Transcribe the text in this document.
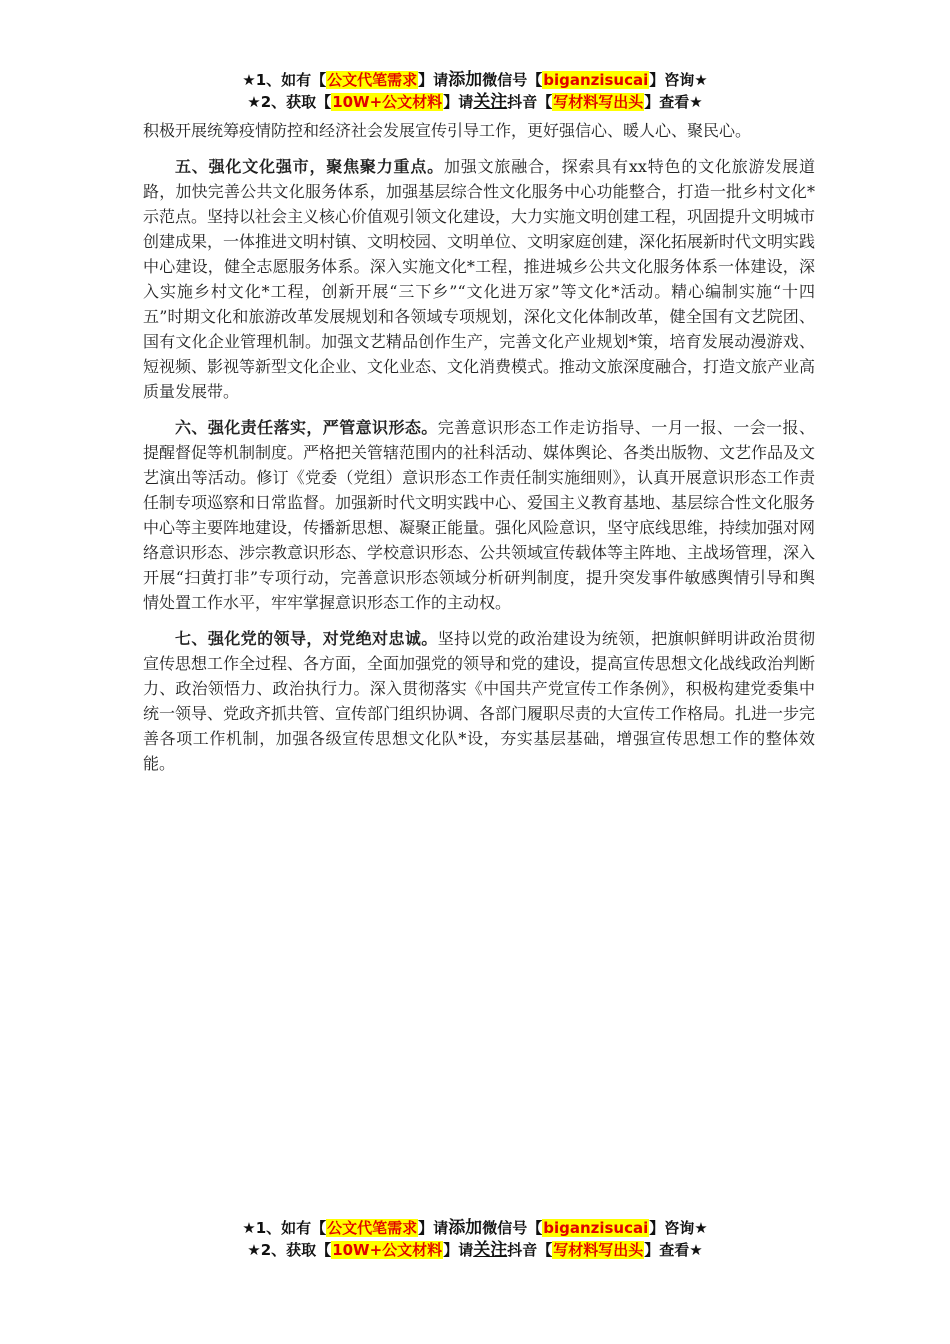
★1、如有【公文代笔需求】请添加微信号【biganzisucai】咨询★
★2、获取【10W+公文材料】请关注抖音【写材料写出头】查看★

积极开展统筹疫情防控和经济社会发展宣传引导工作，更好强信心、暖人心、聚民心。

五、强化文化强市，聚焦聚力重点。加强文旅融合，探索具有xx特色的文化旅游发展道路，加快完善公共文化服务体系，加强基层综合性文化服务中心功能整合，打造一批乡村文化*示范点。坚持以社会主义核心价值观引领文化建设，大力实施文明创建工程，巩固提升文明城市创建成果，一体推进文明村镇、文明校园、文明单位、文明家庭创建，深化拓展新时代文明实践中心建设，健全志愿服务体系。深入实施文化*工程，推进城乡公共文化服务体系一体建设，深入实施乡村文化*工程，创新开展“三下乡”“文化进万家”等文化*活动。精心编制实施“十四五”时期文化和旅游改革发展规划和各领域专项规划，深化文化体制改革，健全国有文艺院团、国有文化企业管理机制。加强文艺精品创作生产，完善文化产业规划*策，培育发展动漫游戏、短视频、影视等新型文化企业、文化业态、文化消费模式。推动文旅深度融合，打造文旅产业高质量发展带。

六、强化责任落实，严管意识形态。完善意识形态工作走访指导、一月一报、一会一报、提醒督促等机制制度。严格把关管辖范围内的社科活动、媒体舆论、各类出版物、文艺作品及文艺演出等活动。修订《党委（党组）意识形态工作责任制实施细则》，认真开展意识形态工作责任制专项巡察和日常监督。加强新时代文明实践中心、爱国主义教育基地、基层综合性文化服务中心等主要阵地建设，传播新思想、凝聚正能量。强化风险意识，坚守底线思维，持续加强对网络意识形态、涉宗教意识形态、学校意识形态、公共领域宣传载体等主阵地、主战场管理，深入开展“扫黄打非”专项行动，完善意识形态领域分析研判制度，提升突发事件敏感舆情引导和舆情处置工作水平，牢牢掌握意识形态工作的主动权。

七、强化党的领导，对党绝对忠诚。坚持以党的政治建设为统领，把旗帜鲜明讲政治贯彻宣传思想工作全过程、各方面，全面加强党的领导和党的建设，提高宣传思想文化战线政治判断力、政治领悟力、政治执行力。深入贯彻落实《中国共产党宣传工作条例》，积极构建党委集中统一领导、党政齐抓共管、宣传部门组织协调、各部门履职尽责的大宣传工作格局。扎进一步完善各项工作机制，加强各级宣传思想文化队*设，夯实基层基础，增强宣传思想工作的整体效能。

★1、如有【公文代笔需求】请添加微信号【biganzisucai】咨询★
★2、获取【10W+公文材料】请关注抖音【写材料写出头】查看★
